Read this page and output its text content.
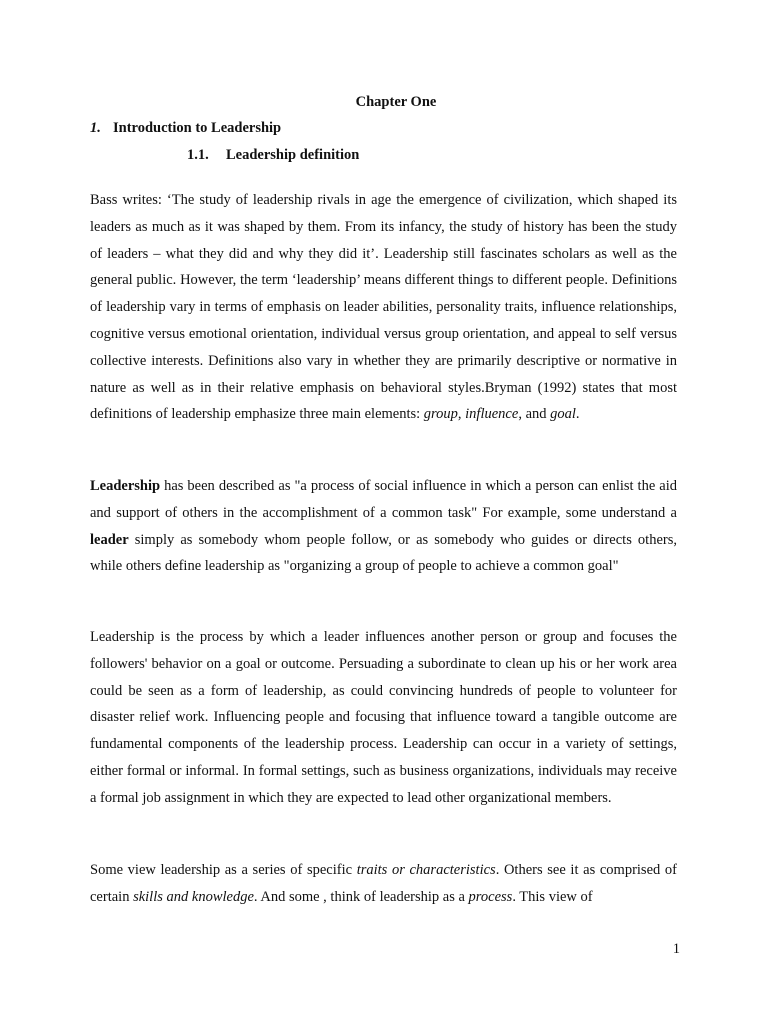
Chapter One
1. Introduction to Leadership
1.1. Leadership definition

Bass writes: ‘The study of leadership rivals in age the emergence of civilization, which shaped its leaders as much as it was shaped by them. From its infancy, the study of history has been the study of leaders – what they did and why they did it’. Leadership still fascinates scholars as well as the general public. However, the term ‘leadership’ means different things to different people. Definitions of leadership vary in terms of emphasis on leader abilities, personality traits, influence relationships, cognitive versus emotional orientation, individual versus group orientation, and appeal to self versus collective interests. Definitions also vary in whether they are primarily descriptive or normative in nature as well as in their relative emphasis on behavioral styles.Bryman (1992) states that most definitions of leadership emphasize three main elements: group, influence, and goal.

Leadership has been described as "a process of social influence in which a person can enlist the aid and support of others in the accomplishment of a common task" For example, some understand a leader simply as somebody whom people follow, or as somebody who guides or directs others, while others define leadership as "organizing a group of people to achieve a common goal"

Leadership is the process by which a leader influences another person or group and focuses the followers' behavior on a goal or outcome. Persuading a subordinate to clean up his or her work area could be seen as a form of leadership, as could convincing hundreds of people to volunteer for disaster relief work. Influencing people and focusing that influence toward a tangible outcome are fundamental components of the leadership process. Leadership can occur in a variety of settings, either formal or informal. In formal settings, such as business organizations, individuals may receive a formal job assignment in which they are expected to lead other organizational members.

Some view leadership as a series of specific traits or characteristics. Others see it as comprised of certain skills and knowledge. And some , think of leadership as a process. This view of

1
